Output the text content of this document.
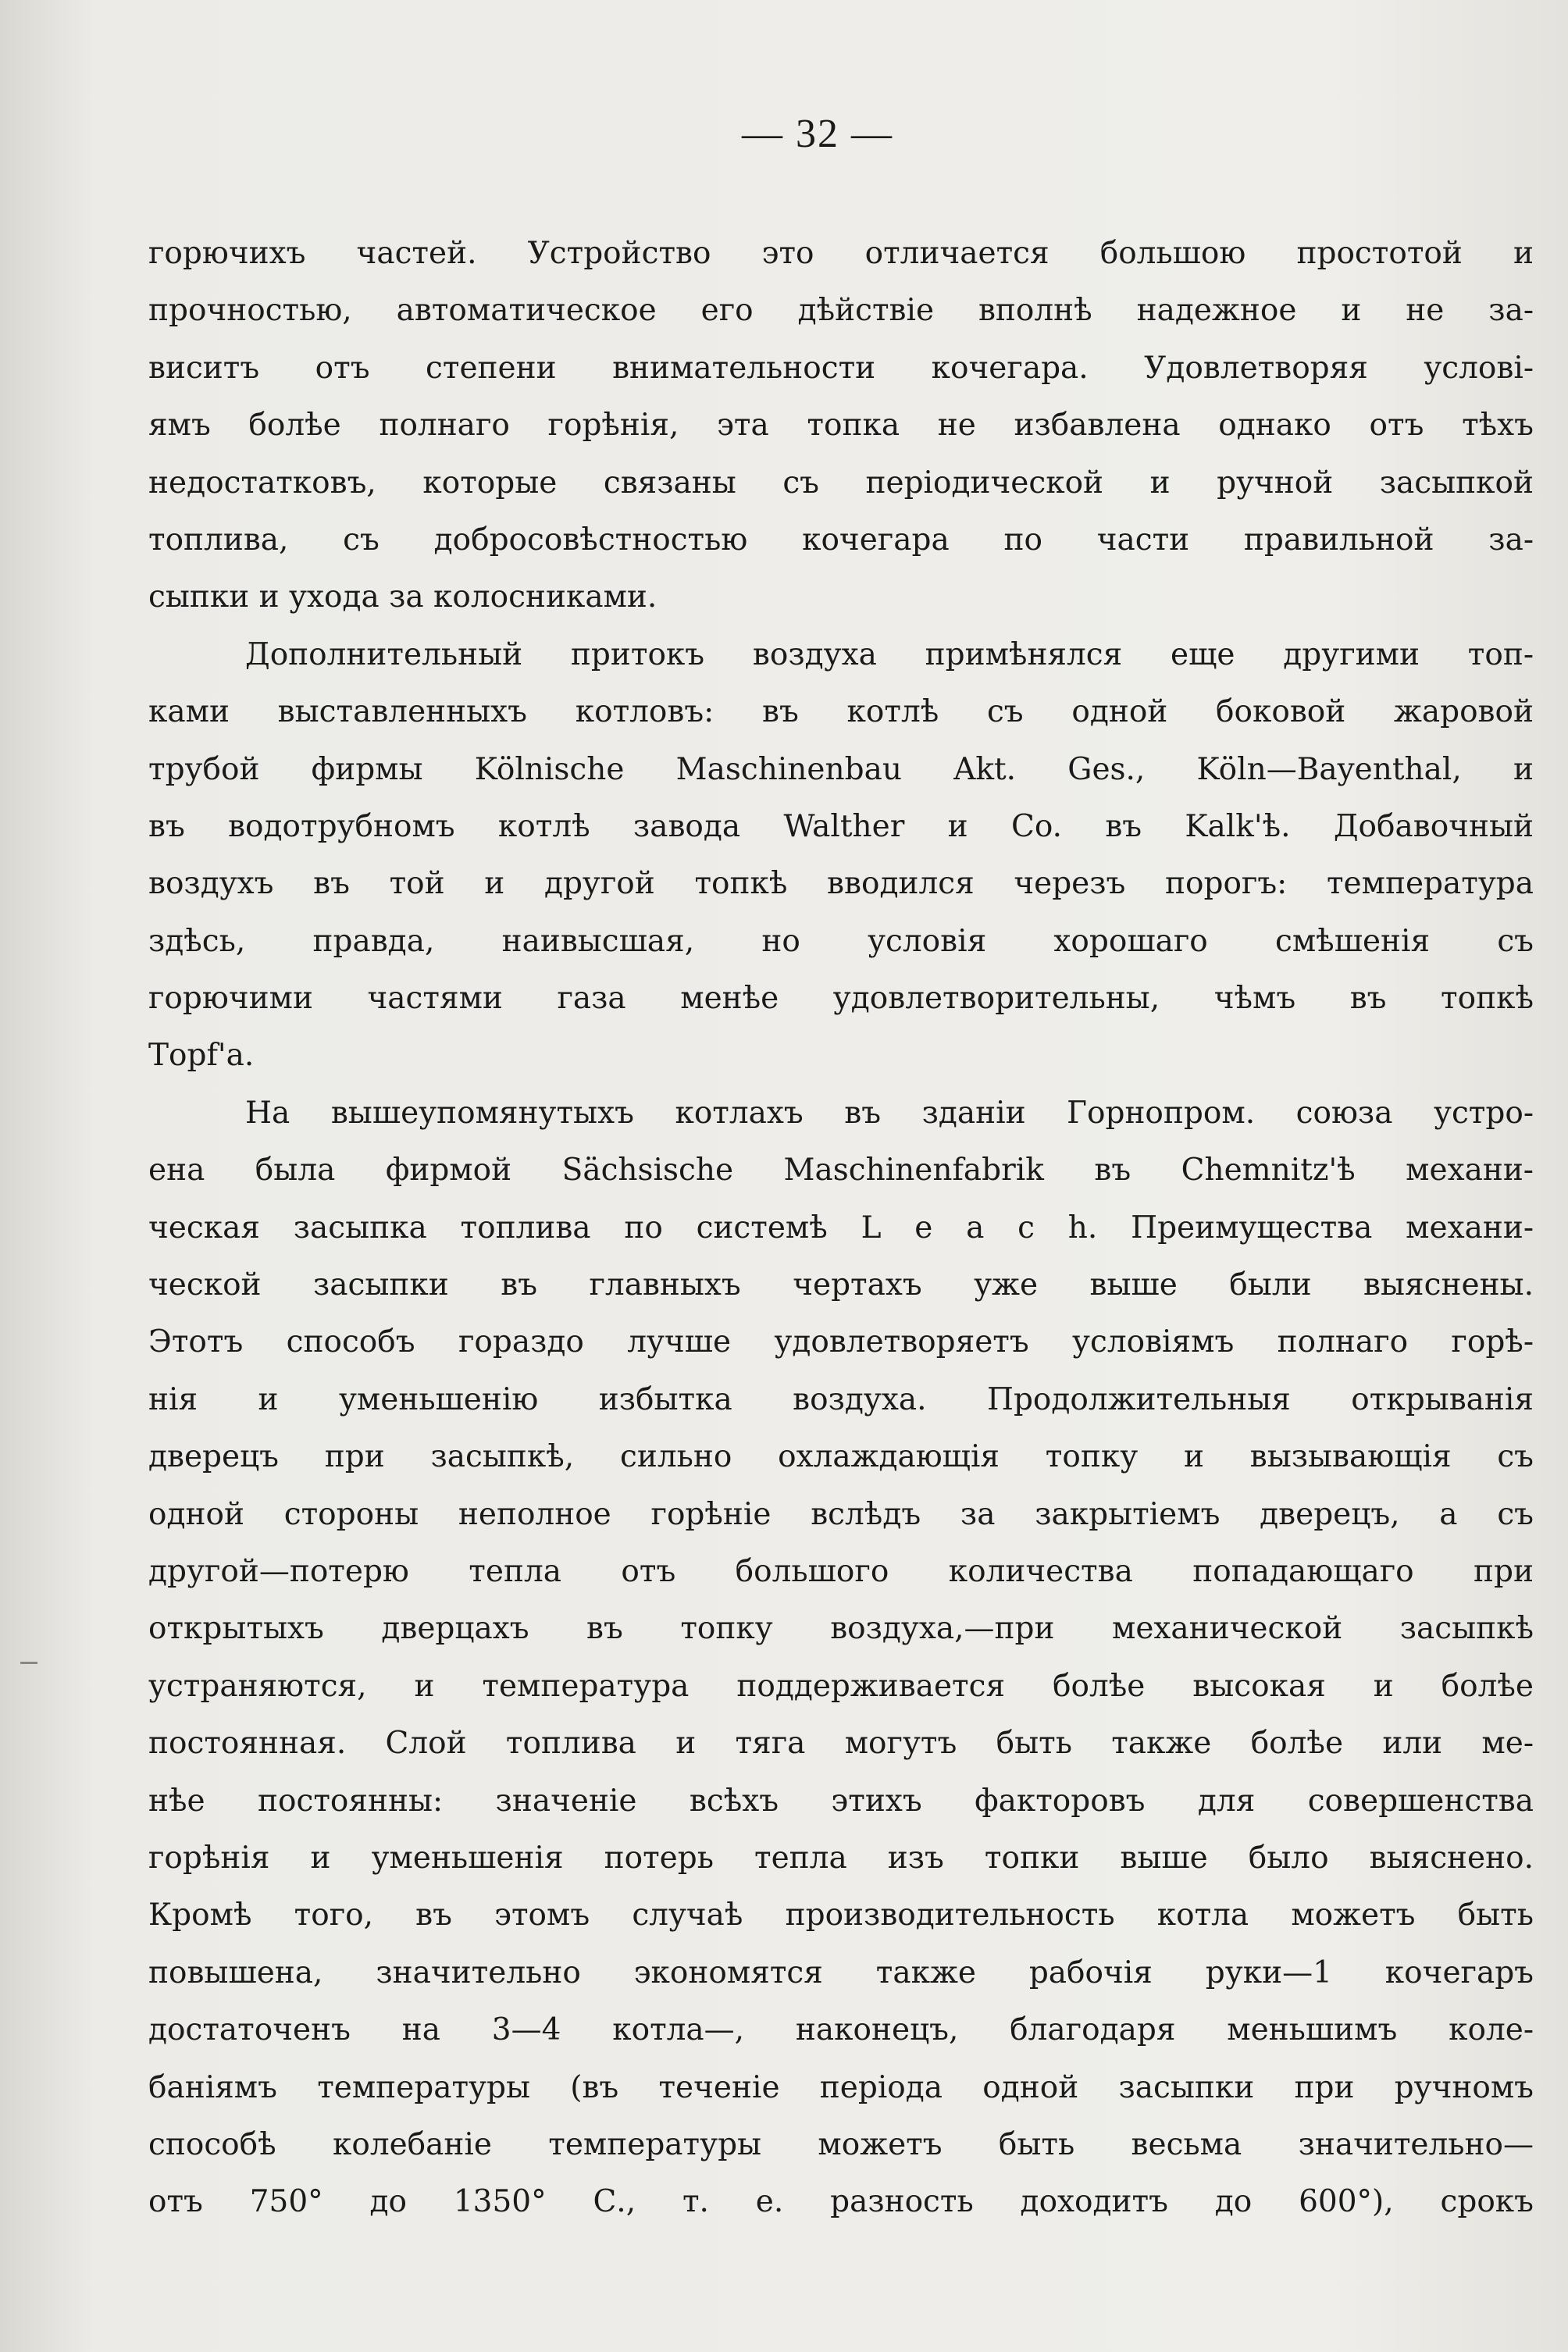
— 32 —
горючихъ частей. Устройство это отличается большою простотой и
прочностью, автоматическое его дѣйствіе вполнѣ надежное и не за-
виситъ отъ степени внимательности кочегара. Удовлетворяя услові-
ямъ болѣе полнаго горѣнія, эта топка не избавлена однако отъ тѣхъ
недостатковъ, которые связаны съ періодической и ручной засыпкой
топлива, съ добросовѣстностью кочегара по части правильной за-
сыпки и ухода за колосниками.
Дополнительный притокъ воздуха примѣнялся еще другими топ-
ками выставленныхъ котловъ: въ котлѣ съ одной боковой жаровой
трубой фирмы Kölnische Maschinenbau Akt. Ges., Köln—Bayenthal, и
въ водотрубномъ котлѣ завода Walther и Co. въ Kalk'ѣ. Добавочный
воздухъ въ той и другой топкѣ вводился черезъ порогъ: температура
здѣсь, правда, наивысшая, но условія хорошаго смѣшенія съ
горючими частями газа менѣе удовлетворительны, чѣмъ въ топкѣ
Торf'а.
На вышеупомянутыхъ котлахъ въ зданіи Горнопром. союза устро-
ена была фирмой Sächsische Maschinenfabrik въ Chemnitz'ѣ механи-
ческая засыпка топлива по системѣ L e a c h. Преимущества механи-
ческой засыпки въ главныхъ чертахъ уже выше были выяснены.
Этотъ способъ гораздо лучше удовлетворяетъ условіямъ полнаго горѣ-
нія и уменьшенію избытка воздуха. Продолжительныя открыванія
дверецъ при засыпкѣ, сильно охлаждающія топку и вызывающія съ
одной стороны неполное горѣніе вслѣдъ за закрытіемъ дверецъ, а съ
другой—потерю тепла отъ большого количества попадающаго при
открытыхъ дверцахъ въ топку воздуха,—при механической засыпкѣ
устраняются, и температура поддерживается болѣе высокая и болѣе
постоянная. Слой топлива и тяга могутъ быть также болѣе или ме-
нѣе постоянны: значеніе всѣхъ этихъ факторовъ для совершенства
горѣнія и уменьшенія потерь тепла изъ топки выше было выяснено.
Кромѣ того, въ этомъ случаѣ производительность котла можетъ быть
повышена, значительно экономятся также рабочія руки—1 кочегаръ
достаточенъ на 3—4 котла—, наконецъ, благодаря меньшимъ коле-
баніямъ температуры (въ теченіе періода одной засыпки при ручномъ
способѣ колебаніе температуры можетъ быть весьма значительно—
отъ 750° до 1350° С., т. е. разность доходитъ до 600°), срокъ
